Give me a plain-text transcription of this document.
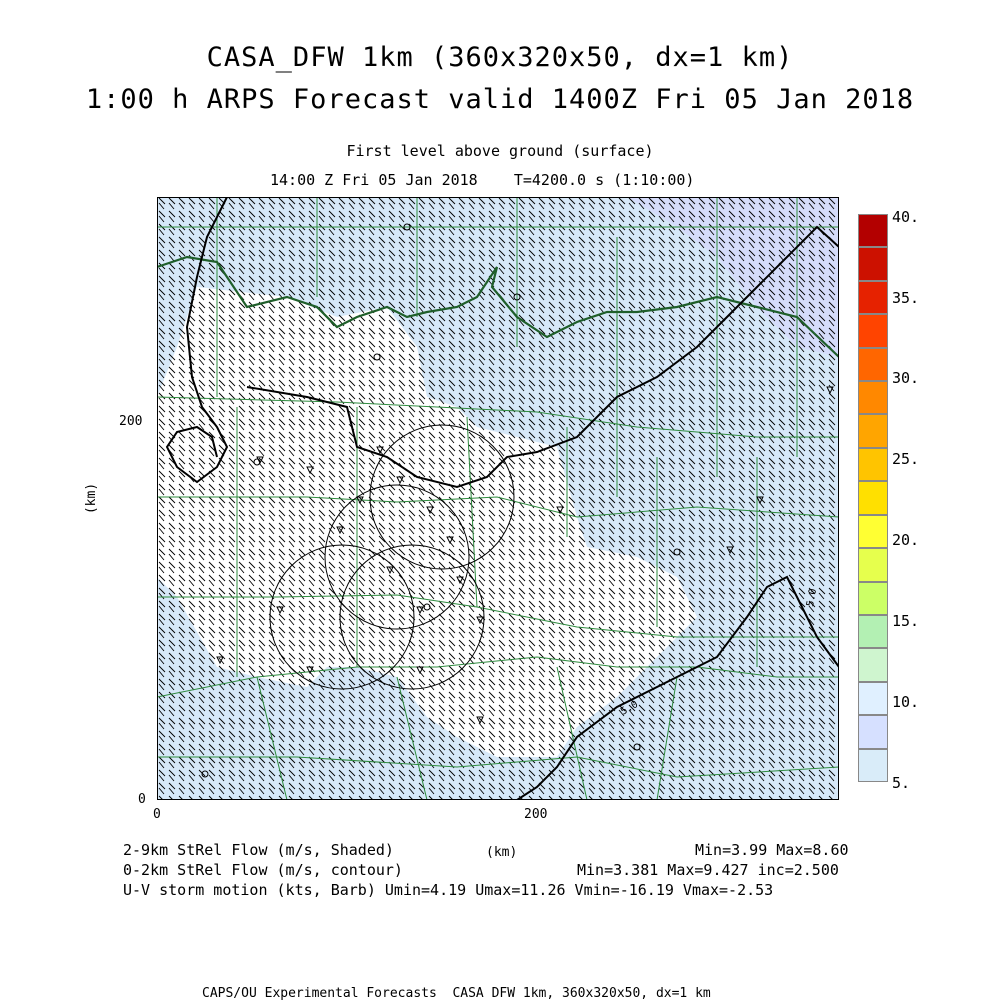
CASA_DFW 1km (360x320x50, dx=1 km)
1:00 h ARPS Forecast valid 1400Z Fri 05 Jan 2018
First level above ground (surface)
14:00 Z Fri 05 Jan 2018    T=4200.0 s (1:10:00)
5.0
5.0
0	200
0
200
(km)
40.
35.
30.
25.
20.
15.
10.
5.
2-9km StRel Flow (m/s, Shaded)	(km)	Min=3.99 Max=8.60
0-2km StRel Flow (m/s, contour)	Min=3.381 Max=9.427 inc=2.500
U-V storm motion (kts, Barb) Umin=4.19 Umax=11.26 Vmin=-16.19 Vmax=-2.53
CAPS/OU Experimental Forecasts  CASA DFW 1km, 360x320x50, dx=1 km
